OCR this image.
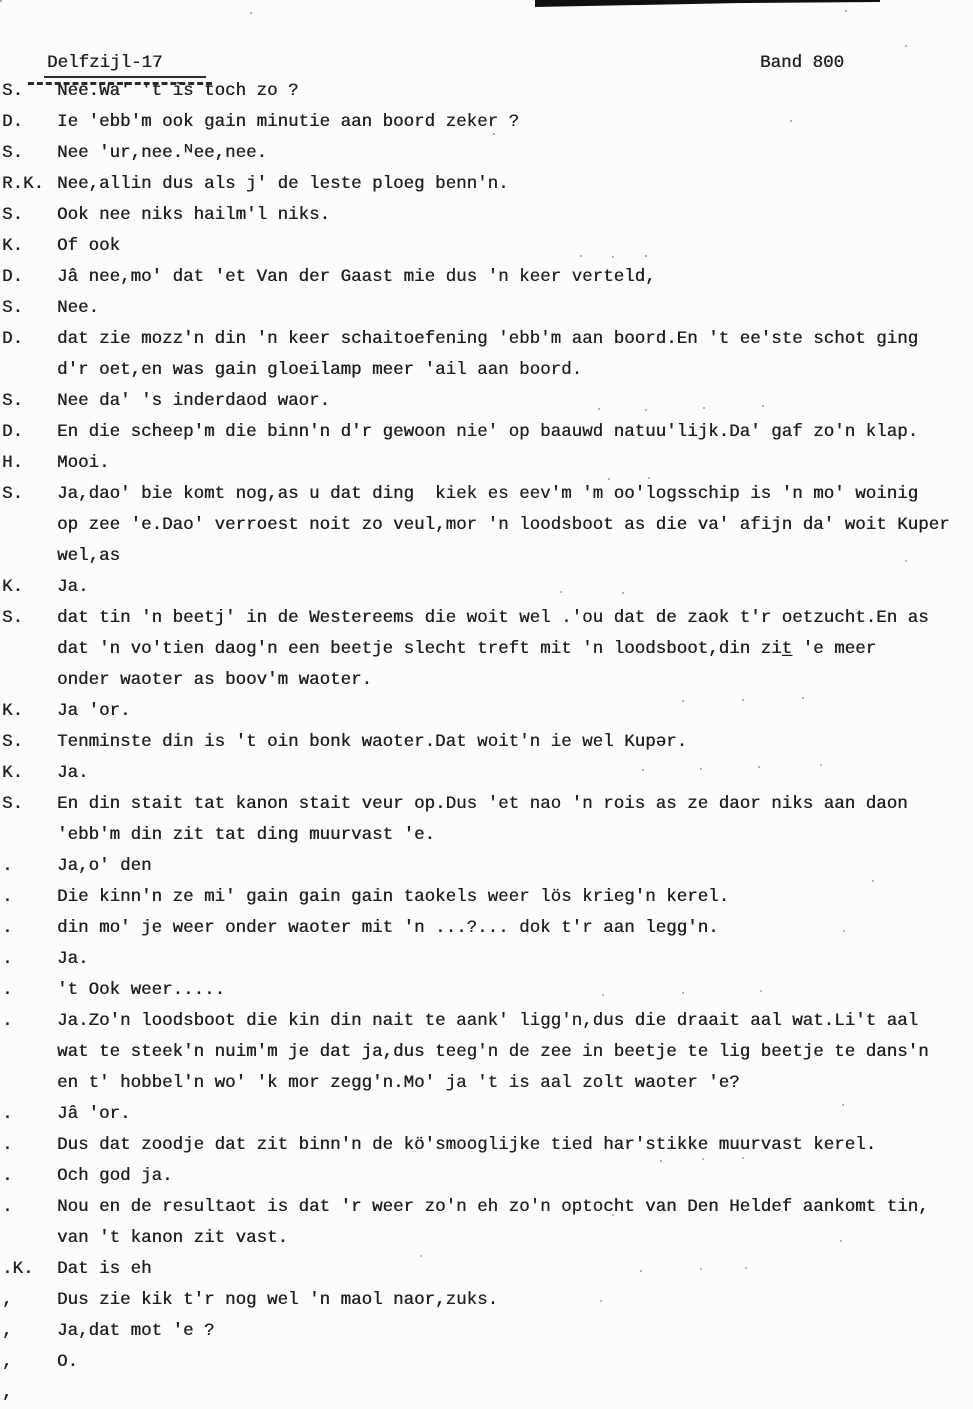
Delfzijl-17	Band 800
S.	Nee.Wa' 't is toch zo ?
D.	Ie 'ebb'm ook gain minutie aan boord zeker ?
S.	Nee 'ur,nee.ᴺee,nee.
R.K. Nee,allin dus als j' de leste ploeg benn'n.
S.	Ook nee niks hailm'l niks.
K.	Of ook
D.	Jâ nee,mo' dat 'et Van der Gaast mie dus 'n keer verteld,
S.	Nee.
D.	dat zie mozz'n din 'n keer schaitoefening 'ebb'm aan boord.En 't ee'ste schot ging
d'r oet,en was gain gloeilamp meer 'ail aan boord.
S.	Nee da' 's inderdaod waor.
D.	En die scheep'm die binn'n d'r gewoon nie' op baauwd natuu'lijk.Da' gaf zo'n klap.
H.	Mooi.
S.	Ja,dao' bie komt nog,as u dat ding  kiek es eev'm 'm oo'logsschip is 'n mo' woinig
op zee 'e.Dao' verroest noit zo veul,mor 'n loodsboot as die va' afijn da' woit Kuper
wel,as
K.	Ja.
S.	dat tin 'n beetj' in de Westereems die woit wel .'ou dat de zaok t'r oetzucht.En as
dat 'n vo'tien daog'n een beetje slecht treft mit 'n loodsboot,din zit̲ 'e meer
onder waoter as boov'm waoter.
K.	Ja 'or.
S.	Tenminste din is 't oin bonk waoter.Dat woit'n ie wel Kupər.
K.	Ja.
S.	En din stait tat kanon stait veur op.Dus 'et nao 'n rois as ze daor niks aan daon
'ebb'm din zit tat ding muurvast 'e.
.	Ja,o' den
.	Die kinn'n ze mi' gain gain gain taokels weer lös krieg'n kerel.
.	din mo' je weer onder waoter mit 'n ...?... dok t'r aan legg'n.
.	Ja.
.	't Ook weer.....
.	Ja.Zo'n loodsboot die kin din nait te aank' ligg'n,dus die draait aal wat.Li't aal
wat te steek'n nuim'm je dat ja,dus teeg'n de zee in beetje te lig beetje te dans'n
en t' hobbel'n wo' 'k mor zegg'n.Mo' ja 't is aal zolt waoter 'e?
.	Jâ 'or.
.	Dus dat zoodje dat zit binn'n de kö'smooglijke tied har'stikke muurvast kerel.
.	Och god ja.
.	Nou en de resultaot is dat 'r weer zo'n eh zo'n optocht van Den Heldef aankomt tin,
van 't kanon zit vast.
.K.	Dat is eh
,	Dus zie kik t'r nog wel 'n maol naor,zuks.
,	Ja,dat mot 'e ?
,	O.
,
